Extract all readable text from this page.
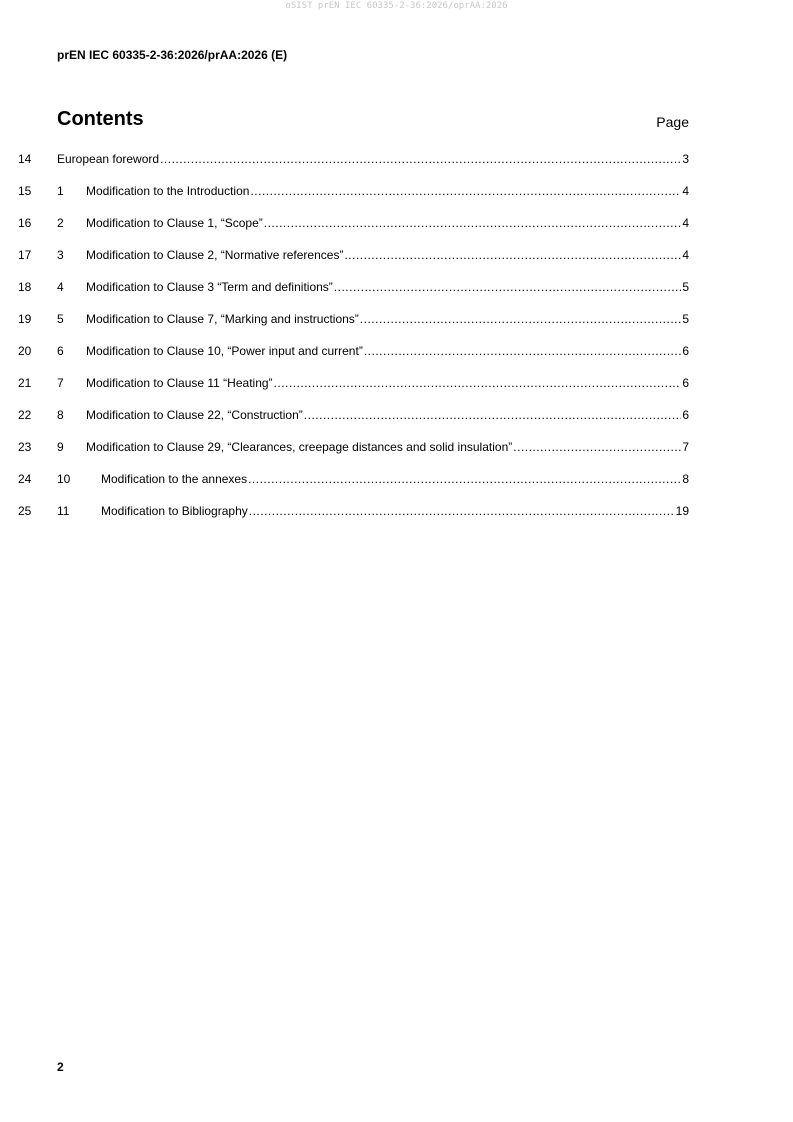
oSIST prEN IEC 60335-2-36:2026/oprAA:2026
prEN IEC 60335-2-36:2026/prAA:2026 (E)
Contents	Page
14 European foreword .....	3
15 1	Modification to the Introduction .....	4
16 2	Modification to Clause 1, “Scope” .....	4
17 3	Modification to Clause 2, “Normative references” .....	4
18 4	Modification to Clause 3 “Term and definitions” .....	5
19 5	Modification to Clause 7, “Marking and instructions” .....	5
20 6	Modification to Clause 10, “Power input and current” .....	6
21 7	Modification to Clause 11 “Heating” .....	6
22 8	Modification to Clause 22, “Construction” .....	6
23 9	Modification to Clause 29, “Clearances, creepage distances and solid insulation” .....	7
24 10	Modification to the annexes .....	8
25 11	Modification to Bibliography .....	19
2
